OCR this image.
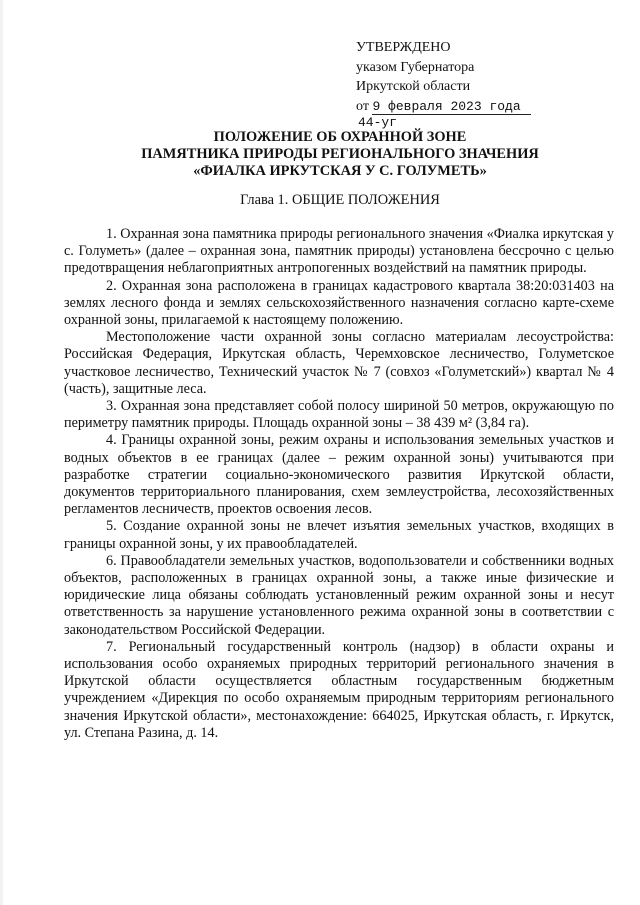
УТВЕРЖДЕНО
указом Губернатора
Иркутской области
от 9 февраля 2023 года
44-уг
ПОЛОЖЕНИЕ ОБ ОХРАННОЙ ЗОНЕ
ПАМЯТНИКА ПРИРОДЫ РЕГИОНАЛЬНОГО ЗНАЧЕНИЯ
«ФИАЛКА ИРКУТСКАЯ У С. ГОЛУМЕТЬ»
Глава 1. ОБЩИЕ ПОЛОЖЕНИЯ

1. Охранная зона памятника природы регионального значения «Фиалка иркутская у с. Голуметь» (далее – охранная зона, памятник природы) установлена бессрочно с целью предотвращения неблагоприятных антропогенных воздействий на памятник природы.

2. Охранная зона расположена в границах кадастрового квартала 38:20:031403 на землях лесного фонда и землях сельскохозяйственного назначения согласно карте-схеме охранной зоны, прилагаемой к настоящему положению.

Местоположение части охранной зоны согласно материалам лесоустройства: Российская Федерация, Иркутская область, Черемховское лесничество, Голуметское участковое лесничество, Технический участок № 7 (совхоз «Голуметский») квартал № 4 (часть), защитные леса.

3. Охранная зона представляет собой полосу шириной 50 метров, окружающую по периметру памятник природы. Площадь охранной зоны – 38 439 м² (3,84 га).

4. Границы охранной зоны, режим охраны и использования земельных участков и водных объектов в ее границах (далее – режим охранной зоны) учитываются при разработке стратегии социально-экономического развития Иркутской области, документов территориального планирования, схем землеустройства, лесохозяйственных регламентов лесничеств, проектов освоения лесов.

5. Создание охранной зоны не влечет изъятия земельных участков, входящих в границы охранной зоны, у их правообладателей.

6. Правообладатели земельных участков, водопользователи и собственники водных объектов, расположенных в границах охранной зоны, а также иные физические и юридические лица обязаны соблюдать установленный режим охранной зоны и несут ответственность за нарушение установленного режима охранной зоны в соответствии с законодательством Российской Федерации.

7. Региональный государственный контроль (надзор) в области охраны и использования особо охраняемых природных территорий регионального значения в Иркутской области осуществляется областным государственным бюджетным учреждением «Дирекция по особо охраняемым природным территориям регионального значения Иркутской области», местонахождение: 664025, Иркутская область, г. Иркутск, ул. Степана Разина, д. 14.
